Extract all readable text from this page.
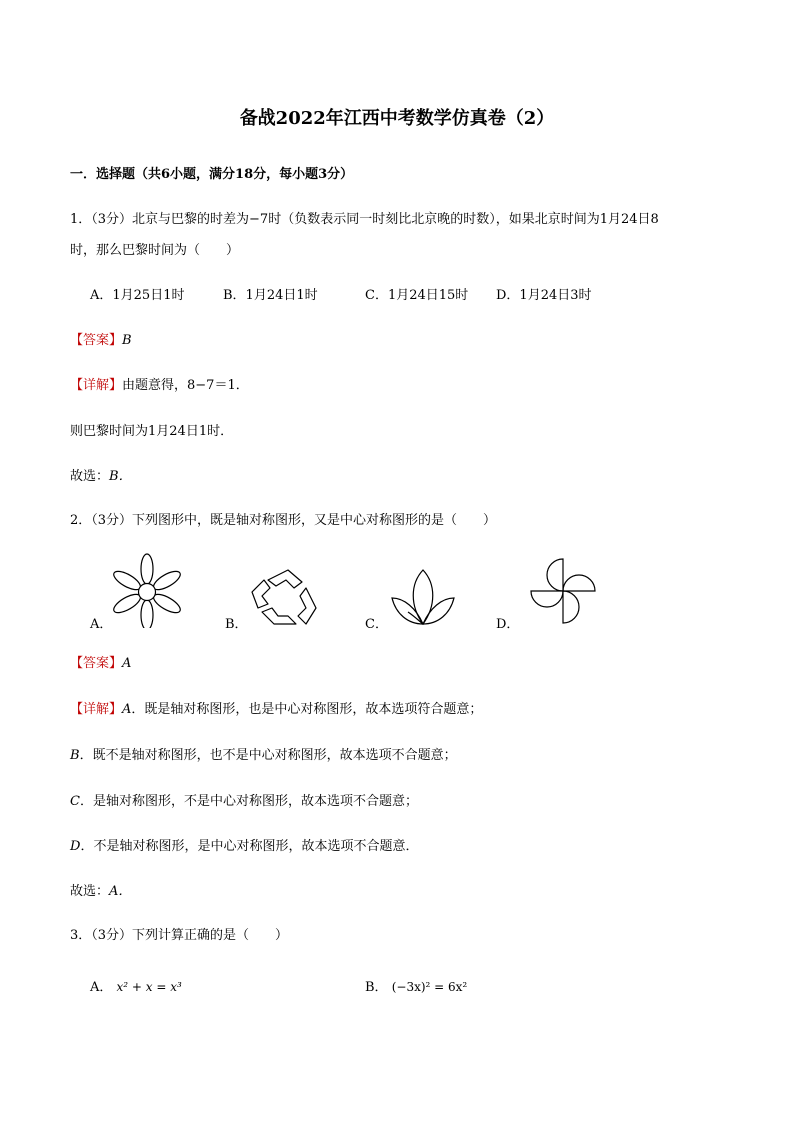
备战2022年江西中考数学仿真卷（2）
一．选择题（共6小题，满分18分，每小题3分）
1．（3分）北京与巴黎的时差为−7时（负数表示同一时刻比北京晚的时数），如果北京时间为1月24日8
时，那么巴黎时间为（　　）
A．1月25日1时	B．1月24日1时	C．1月24日15时 D．1月24日3时
【答案】B
【详解】由题意得，8−7＝1．
则巴黎时间为1月24日1时．
故选：B．
2．（3分）下列图形中，既是轴对称图形，又是中心对称图形的是（　　）
A．	B．	C．	D．
【答案】A
【详解】A．既是轴对称图形，也是中心对称图形，故本选项符合题意；
B．既不是轴对称图形，也不是中心对称图形，故本选项不合题意；
C．是轴对称图形，不是中心对称图形，故本选项不合题意；
D．不是轴对称图形，是中心对称图形，故本选项不合题意．
故选：A．
3．（3分）下列计算正确的是（　　）
A． x² + x = x³	B． (−3x)² = 6x²
